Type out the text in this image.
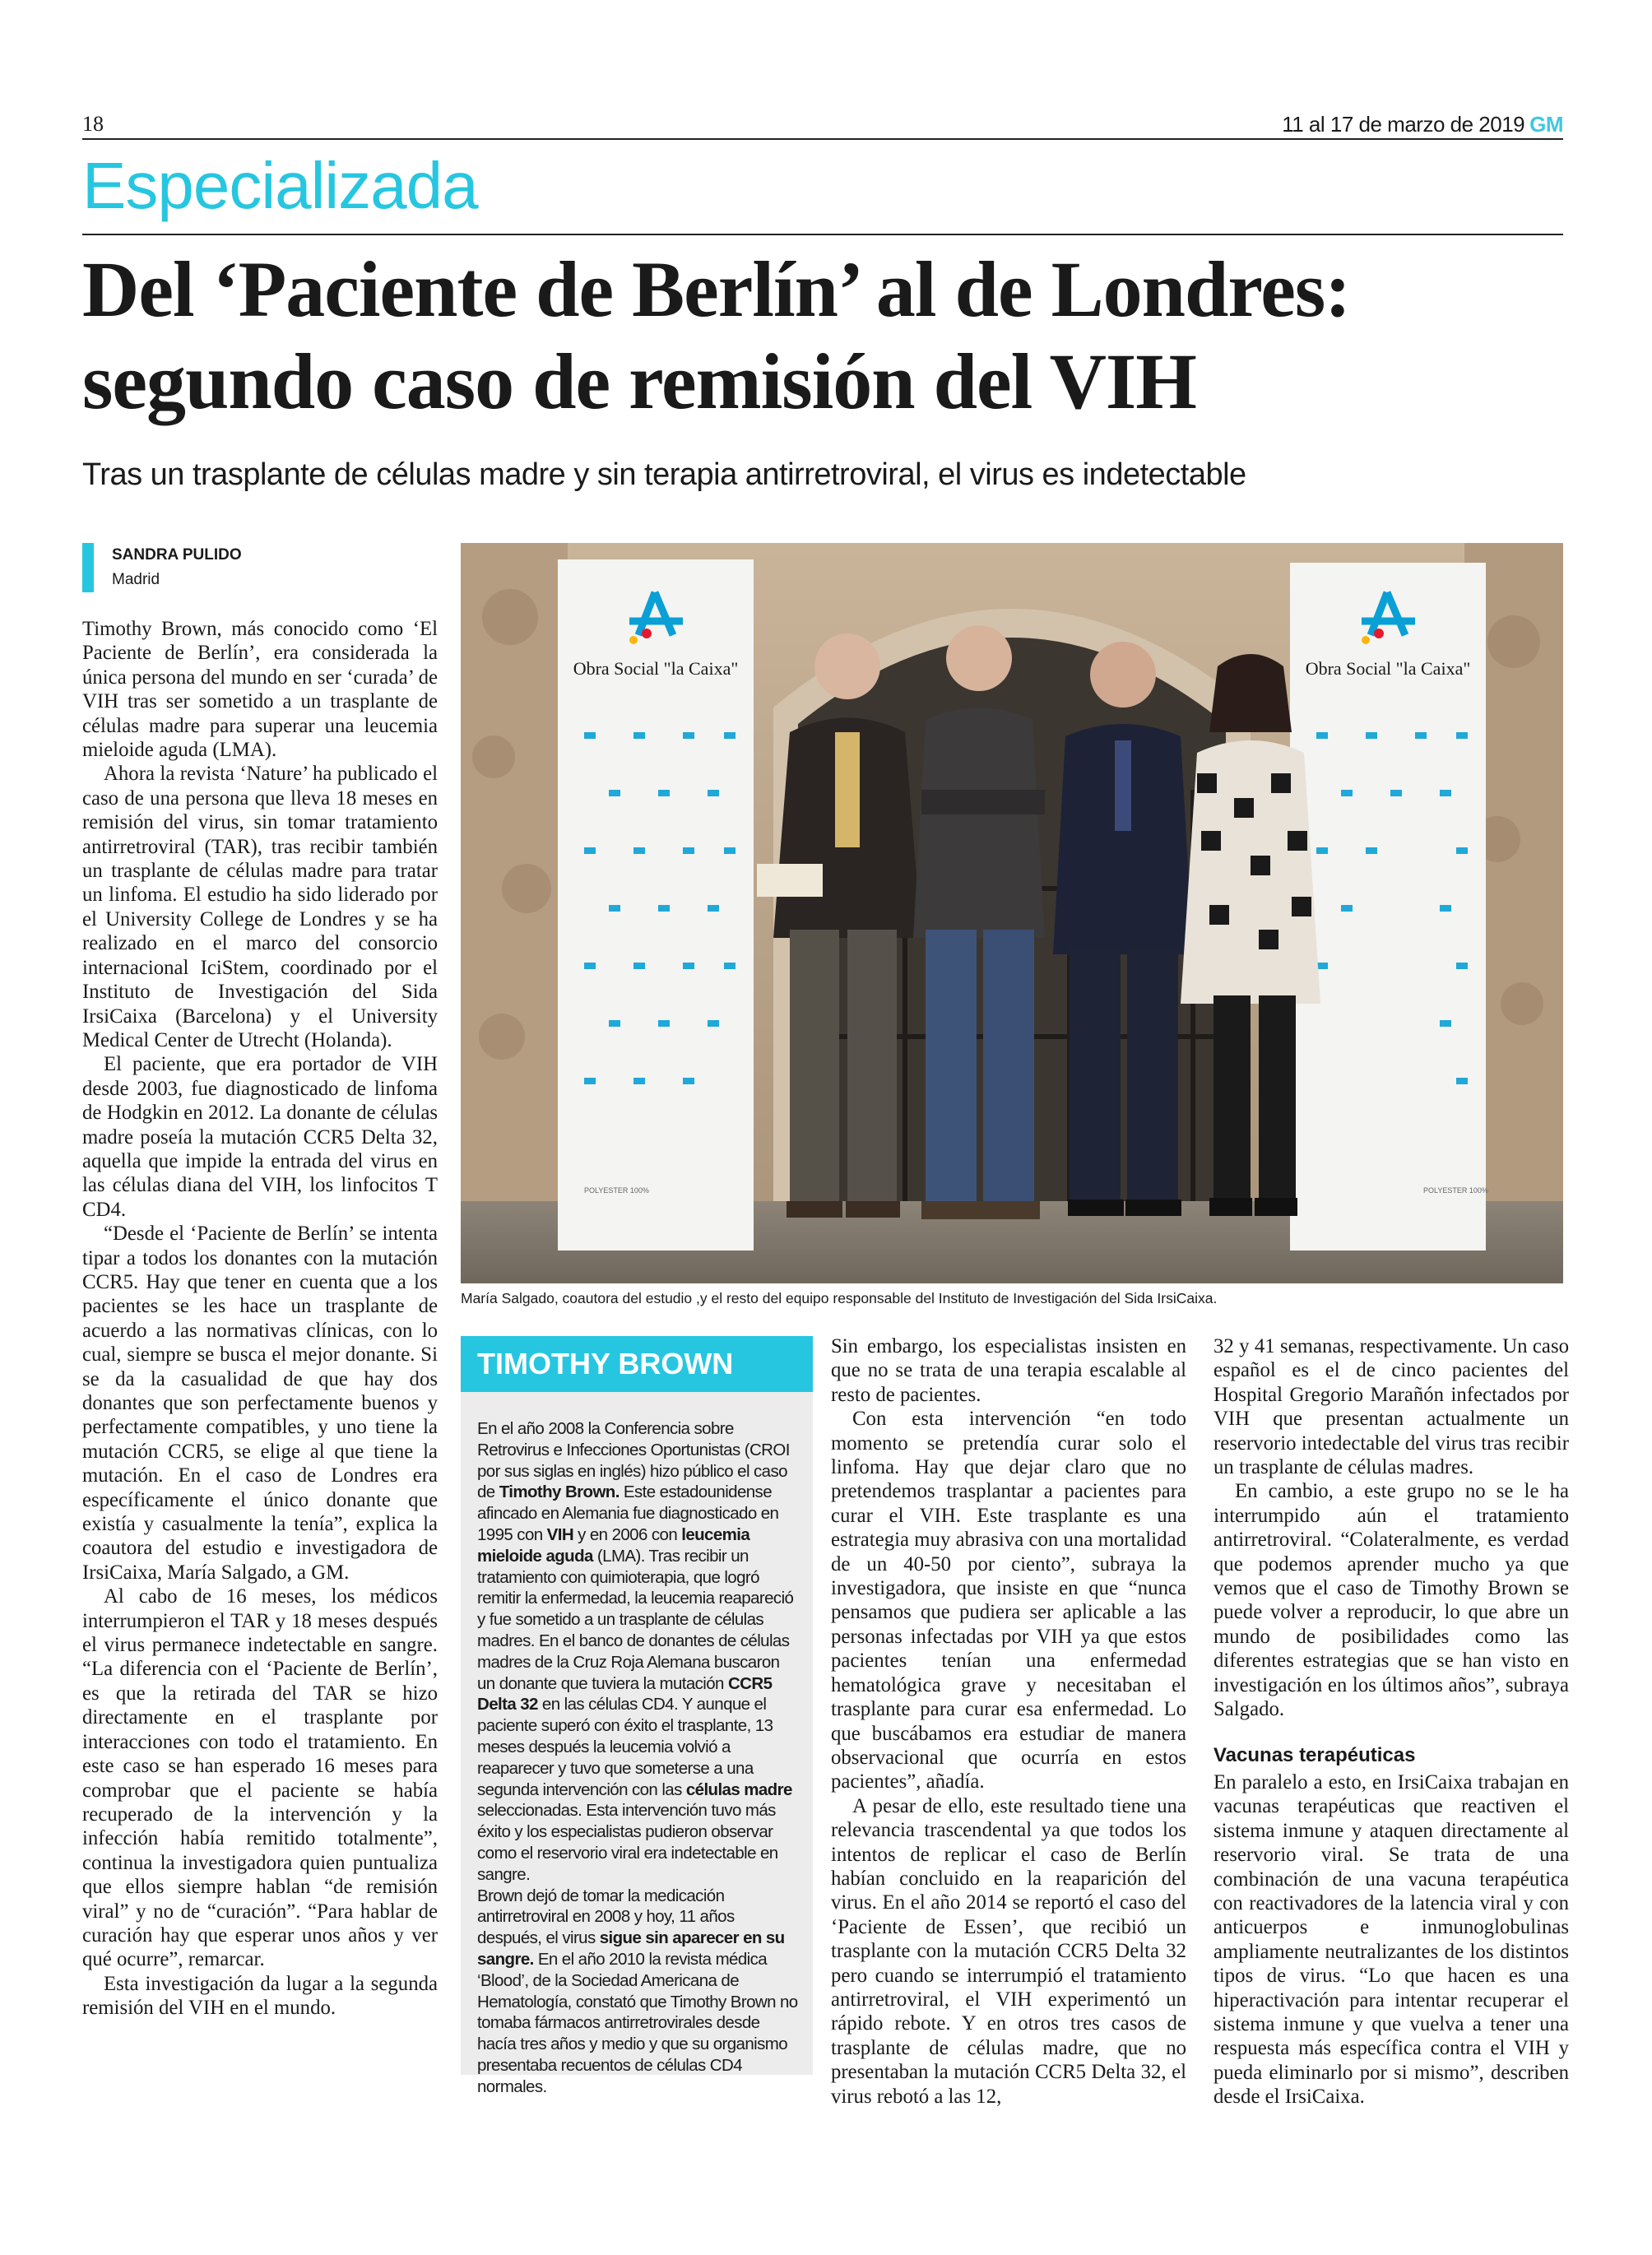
18	11 al 17 de marzo de 2019 GM
Especializada
Del ‘Paciente de Berlín’ al de Londres:
segundo caso de remisión del VIH
Tras un trasplante de células madre y sin terapia antirretroviral, el virus es indetectable
SANDRA PULIDO
Madrid

Timothy Brown, más conocido como ‘El Paciente de Berlín’, era considerada la única persona del mundo en ser ‘curada’ de VIH tras ser sometido a un trasplante de células madre para superar una leucemia mieloide aguda (LMA).

Ahora la revista ‘Nature’ ha publicado el caso de una persona que lleva 18 meses en remisión del virus, sin tomar tratamiento antirretroviral (TAR), tras recibir también un trasplante de células madre para tratar un linfoma. El estudio ha sido liderado por el University College de Londres y se ha realizado en el marco del consorcio internacional IciStem, coordinado por el Instituto de Investigación del Sida IrsiCaixa (Barcelona) y el University Medical Center de Utrecht (Holanda).

El paciente, que era portador de VIH desde 2003, fue diagnosticado de linfoma de Hodgkin en 2012. La donante de células madre poseía la mutación CCR5 Delta 32, aquella que impide la entrada del virus en las células diana del VIH, los linfocitos T CD4.

“Desde el ‘Paciente de Berlín’ se intenta tipar a todos los donantes con la mutación CCR5. Hay que tener en cuenta que a los pacientes se les hace un trasplante de acuerdo a las normativas clínicas, con lo cual, siempre se busca el mejor donante. Si se da la casualidad de que hay dos donantes que son perfectamente buenos y perfectamente compatibles, y uno tiene la mutación CCR5, se elige al que tiene la mutación. En el caso de Londres era específicamente el único donante que existía y casualmente la tenía”, explica la coautora del estudio e investigadora de IrsiCaixa, María Salgado, a GM.

Al cabo de 16 meses, los médicos interrumpieron el TAR y 18 meses después el virus permanece indetectable en sangre. “La diferencia con el ‘Paciente de Berlín’, es que la retirada del TAR se hizo directamente en el trasplante por interacciones con todo el tratamiento. En este caso se han esperado 16 meses para comprobar que el paciente se había recuperado de la intervención y la infección había remitido totalmente”, continua la investigadora quien puntualiza que ellos siempre hablan “de remisión viral” y no de “curación”. “Para hablar de curación hay que esperar unos años y ver qué ocurre”, remarcar.

Esta investigación da lugar a la segunda remisión del VIH en el mundo.

Obra Social "la Caixa"
POLYESTER 100%
Obra Social "la Caixa"
POLYESTER 100%
María Salgado, coautora del estudio ,y el resto del equipo responsable del Instituto de Investigación del Sida IrsiCaixa.
TIMOTHY BROWN

En el año 2008 la Conferencia sobre Retrovirus e Infecciones Oportunistas (CROI por sus siglas en inglés) hizo público el caso de Timothy Brown. Este estadounidense afincado en Alemania fue diagnosticado en 1995 con VIH y en 2006 con leucemia mieloide aguda (LMA). Tras recibir un tratamiento con quimioterapia, que logró remitir la enfermedad, la leucemia reapareció y fue sometido a un trasplante de células madres. En el banco de donantes de células madres de la Cruz Roja Alemana buscaron un donante que tuviera la mutación CCR5 Delta 32 en las células CD4. Y aunque el paciente superó con éxito el trasplante, 13 meses después la leucemia volvió a reaparecer y tuvo que someterse a una segunda intervención con las células madre seleccionadas. Esta intervención tuvo más éxito y los especialistas pudieron observar como el reservorio viral era indetectable en sangre.

Brown dejó de tomar la medicación antirretroviral en 2008 y hoy, 11 años después, el virus sigue sin aparecer en su sangre. En el año 2010 la revista médica ‘Blood’, de la Sociedad Americana de Hematología, constató que Timothy Brown no tomaba fármacos antirretrovirales desde hacía tres años y medio y que su organismo presentaba recuentos de células CD4 normales.

Sin embargo, los especialistas insisten en que no se trata de una terapia escalable al resto de pacientes.

Con esta intervención “en todo momento se pretendía curar solo el linfoma. Hay que dejar claro que no pretendemos trasplantar a pacientes para curar el VIH. Este trasplante es una estrategia muy abrasiva con una mortalidad de un 40-50 por ciento”, subraya la investigadora, que insiste en que “nunca pensamos que pudiera ser aplicable a las personas infectadas por VIH ya que estos pacientes tenían una enfermedad hematológica grave y necesitaban el trasplante para curar esa enfermedad. Lo que buscábamos era estudiar de manera observacional que ocurría en estos pacientes”, añadía.

A pesar de ello, este resultado tiene una relevancia trascendental ya que todos los intentos de replicar el caso de Berlín habían concluido en la reaparición del virus. En el año 2014 se reportó el caso del ‘Paciente de Essen’, que recibió un trasplante con la mutación CCR5 Delta 32 pero cuando se interrumpió el tratamiento antirretroviral, el VIH experimentó un rápido rebote. Y en otros tres casos de trasplante de células madre, que no presentaban la mutación CCR5 Delta 32, el virus rebotó a las 12,

32 y 41 semanas, respectivamente. Un caso español es el de cinco pacientes del Hospital Gregorio Marañón infectados por VIH que presentan actualmente un reservorio intedectable del virus tras recibir un trasplante de células madres.

En cambio, a este grupo no se le ha interrumpido aún el tratamiento antirretroviral. “Colateralmente, es verdad que podemos aprender mucho ya que vemos que el caso de Timothy Brown se puede volver a reproducir, lo que abre un mundo de posibilidades como las diferentes estrategias que se han visto en investigación en los últimos años”, subraya Salgado.

Vacunas terapéuticas

En paralelo a esto, en IrsiCaixa trabajan en vacunas terapéuticas que reactiven el sistema inmune y ataquen directamente al reservorio viral. Se trata de una combinación de una vacuna terapéutica con reactivadores de la latencia viral y con anticuerpos e inmunoglobulinas ampliamente neutralizantes de los distintos tipos de virus. “Lo que hacen es una hiperactivación para intentar recuperar el sistema inmune y que vuelva a tener una respuesta más específica contra el VIH y pueda eliminarlo por si mismo”, describen desde el IrsiCaixa.
